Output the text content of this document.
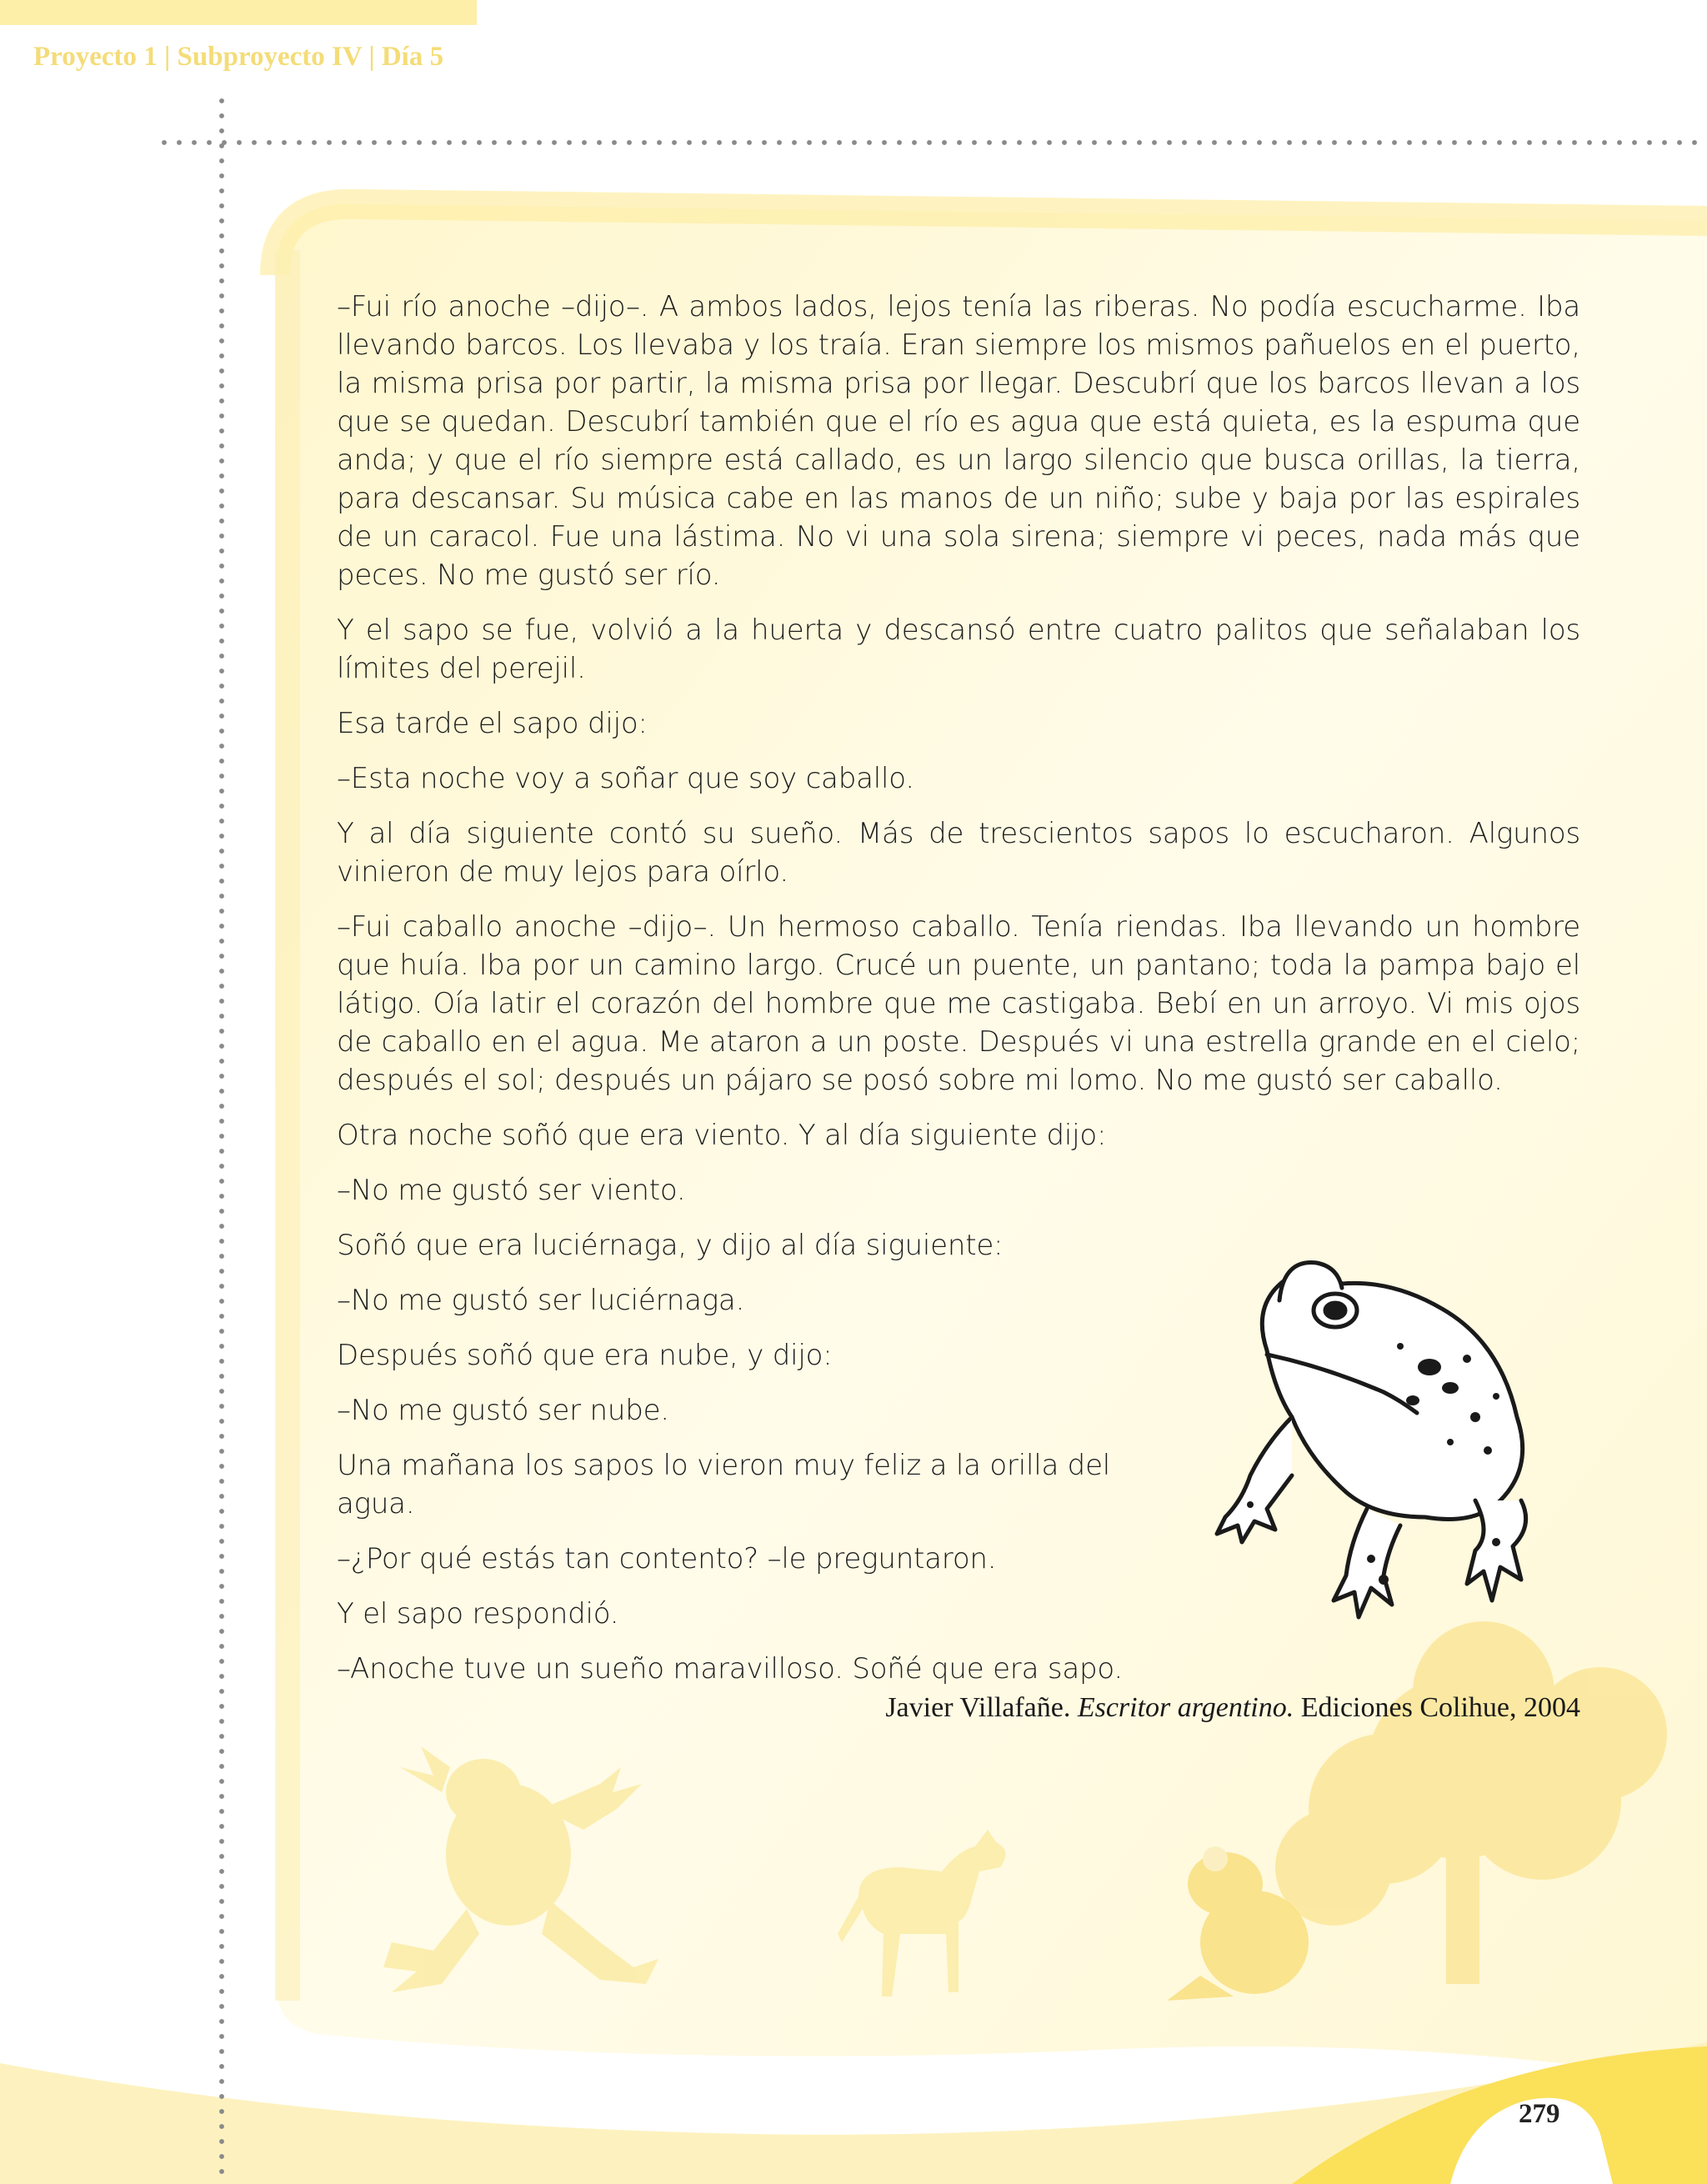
Proyecto 1 | Subproyecto IV | Día 5

–Fui río anoche –dijo–. A ambos lados, lejos tenía las riberas. No podía escucharme. Iba llevando barcos. Los llevaba y los traía. Eran siempre los mismos pañuelos en el puerto, la misma prisa por partir, la misma prisa por llegar. Descubrí que los barcos llevan a los que se quedan. Descubrí también que el río es agua que está quieta, es la espuma que anda; y que el río siempre está callado, es un largo silencio que busca orillas, la tierra, para descansar. Su música cabe en las manos de un niño; sube y baja por las espirales de un caracol. Fue una lástima. No vi una sola sirena; siempre vi peces, nada más que peces. No me gustó ser río.

Y el sapo se fue, volvió a la huerta y descansó entre cuatro palitos que señalaban los límites del perejil.

Esa tarde el sapo dijo:

–Esta noche voy a soñar que soy caballo.

Y al día siguiente contó su sueño. Más de trescientos sapos lo escucharon. Algunos vinieron de muy lejos para oírlo.

–Fui caballo anoche –dijo–. Un hermoso caballo. Tenía riendas. Iba llevando un hombre que huía. Iba por un camino largo. Crucé un puente, un pantano; toda la pampa bajo el látigo. Oía latir el corazón del hombre que me castigaba. Bebí en un arroyo. Vi mis ojos de caballo en el agua. Me ataron a un poste. Después vi una estrella grande en el cielo; después el sol; después un pájaro se posó sobre mi lomo. No me gustó ser caballo.

Otra noche soñó que era viento. Y al día siguiente dijo:

–No me gustó ser viento.

Soñó que era luciérnaga, y dijo al día siguiente:

–No me gustó ser luciérnaga.

Después soñó que era nube, y dijo:

–No me gustó ser nube.

Una mañana los sapos lo vieron muy feliz a la orilla del agua.

–¿Por qué estás tan contento? –le preguntaron.

Y el sapo respondió.

–Anoche tuve un sueño maravilloso. Soñé que era sapo.

Javier Villafañe. Escritor argentino. Ediciones Colihue, 2004
279
